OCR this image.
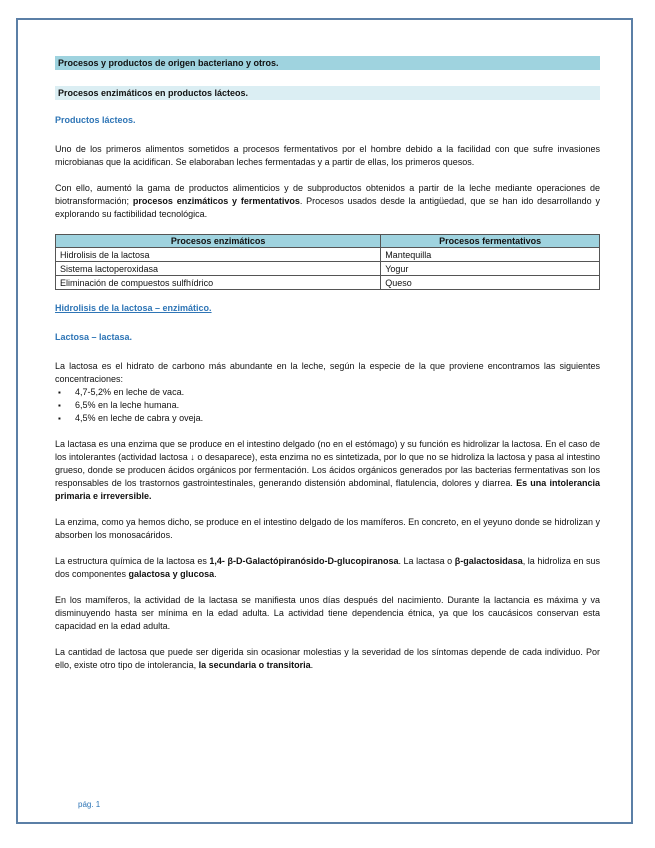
Procesos y productos de origen bacteriano y otros.
Procesos enzimáticos en productos lácteos.
Productos lácteos.

Uno de los primeros alimentos sometidos a procesos fermentativos por el hombre debido a la facilidad con que sufre invasiones microbianas que la acidifican. Se elaboraban leches fermentadas y a partir de ellas, los primeros quesos.

Con ello, aumentó la gama de productos alimenticios y de subproductos obtenidos a partir de la leche mediante operaciones de biotransformación; procesos enzimáticos y fermentativos. Procesos usados desde la antigüedad, que se han ido desarrollando y explorando su factibilidad tecnológica.

Procesos enzimáticos	Procesos fermentativos
Hidrolisis de la lactosa	Mantequilla
Sistema lactoperoxidasa	Yogur
Eliminación de compuestos sulfhídrico	Queso
Hidrolisis de la lactosa – enzimático.
Lactosa – lactasa.

La lactosa es el hidrato de carbono más abundante en la leche, según la especie de la que proviene encontramos las siguientes concentraciones:

▪ 4,7-5,2% en leche de vaca.
▪ 6,5% en la leche humana.
▪ 4,5% en leche de cabra y oveja.

La lactasa es una enzima que se produce en el intestino delgado (no en el estómago) y su función es hidrolizar la lactosa. En el caso de los intolerantes (actividad lactosa ↓ o desaparece), esta enzima no es sintetizada, por lo que no se hidroliza la lactosa y pasa al intestino grueso, donde se producen ácidos orgánicos por fermentación. Los ácidos orgánicos generados por las bacterias fermentativas son los responsables de los trastornos gastrointestinales, generando distensión abdominal, flatulencia, dolores y diarrea. Es una intolerancia primaria e irreversible.

La enzima, como ya hemos dicho, se produce en el intestino delgado de los mamíferos. En concreto, en el yeyuno donde se hidrolizan y absorben los monosacáridos.

La estructura química de la lactosa es 1,4- β-D-Galactópiranósido-D-glucopiranosa. La lactasa o β-galactosidasa, la hidroliza en sus dos componentes galactosa y glucosa.

En los mamíferos, la actividad de la lactasa se manifiesta unos días después del nacimiento. Durante la lactancia es máxima y va disminuyendo hasta ser mínima en la edad adulta. La actividad tiene dependencia étnica, ya que los caucásicos conservan esta capacidad en la edad adulta.

La cantidad de lactosa que puede ser digerida sin ocasionar molestias y la severidad de los síntomas depende de cada individuo. Por ello, existe otro tipo de intolerancia, la secundaria o transitoria.

pág. 1
